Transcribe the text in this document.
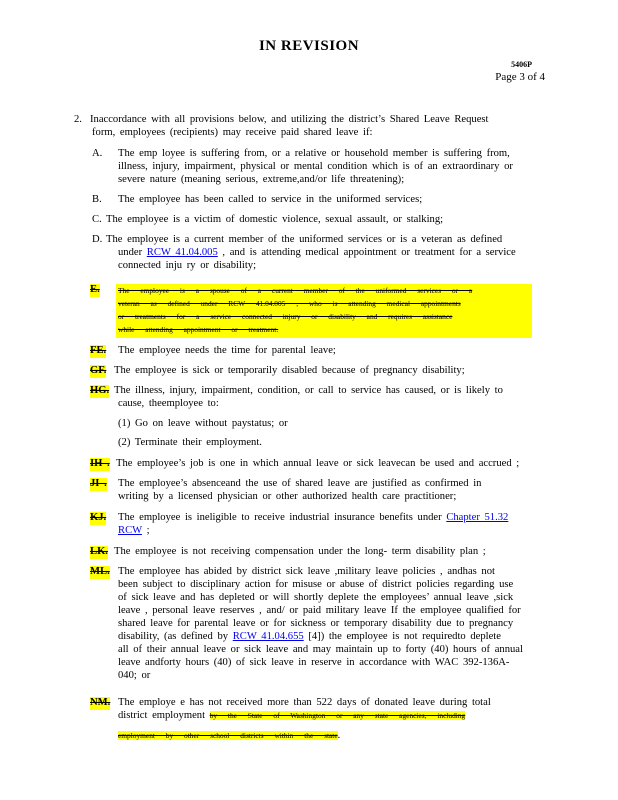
IN REVISION
5406P
Page 3 of 4
2. Inaccordance with all provisions below, and utilizing the district’s Shared Leave Request
form, employees (recipients) may receive paid shared leave if:
A. The emp loyee is suffering from, or a relative or household member is suffering from,
illness, injury, impairment, physical or mental condition which is of an extraordinary or
severe nature (meaning serious, extreme,and/or life threatening);
B. The employee has been called to service in the uniformed services;
C. The employee is a victim of domestic violence, sexual assault, or stalking;
D. The employee is a current member of the uniformed services or is a veteran as defined
under RCW 41.04.005 , and is attending medical appointment or treatment for a service
connected inju ry or disability;
E. The employee is a spouse of a current member of the uniformed services or a
veteran as defined under RCW 41.04.005 , who is attending medical appointments
or treatments for a service connected injury or disability and requires assistance
while attending appointment or treatment.
FE. The employee needs the time for parental leave;
GF. The employee is sick or temporarily disabled because of pregnancy disability;
HG. The illness, injury, impairment, condition, or call to service has caused, or is likely to
cause, theemployee to:
(1) Go on leave without paystatus; or
(2) Terminate their employment.
IH . The employee’s job is one in which annual leave or sick leavecan be used and accrued ;
JI . The employee’s absenceand the use of shared leave are justified as confirmed in
writing by a licensed physician or other authorized health care practitioner;
KJ. The employee is ineligible to receive industrial insurance benefits under Chapter 51.32
RCW ;
LK. The employee is not receiving compensation under the long- term disability plan ;
ML. The employee has abided by district sick leave ,military leave policies , andhas not
been subject to disciplinary action for misuse or abuse of district policies regarding use
of sick leave and has depleted or will shortly deplete the employees’ annual leave ,sick
leave , personal leave reserves , and/ or paid military leave If the employee qualified for
shared leave for parental leave or for sickness or temporary disability due to pregnancy
disability, (as defined by RCW 41.04.655 [4]) the employee is not requiredto deplete
all of their annual leave or sick leave and may maintain up to forty (40) hours of annual
leave andforty hours (40) of sick leave in reserve in accordance with WAC 392-136A-
040; or
NM. The employe e has not received more than 522 days of donated leave during total
district employment by the State of Washington or any state agencies, including
employment by other school districts within the state.
